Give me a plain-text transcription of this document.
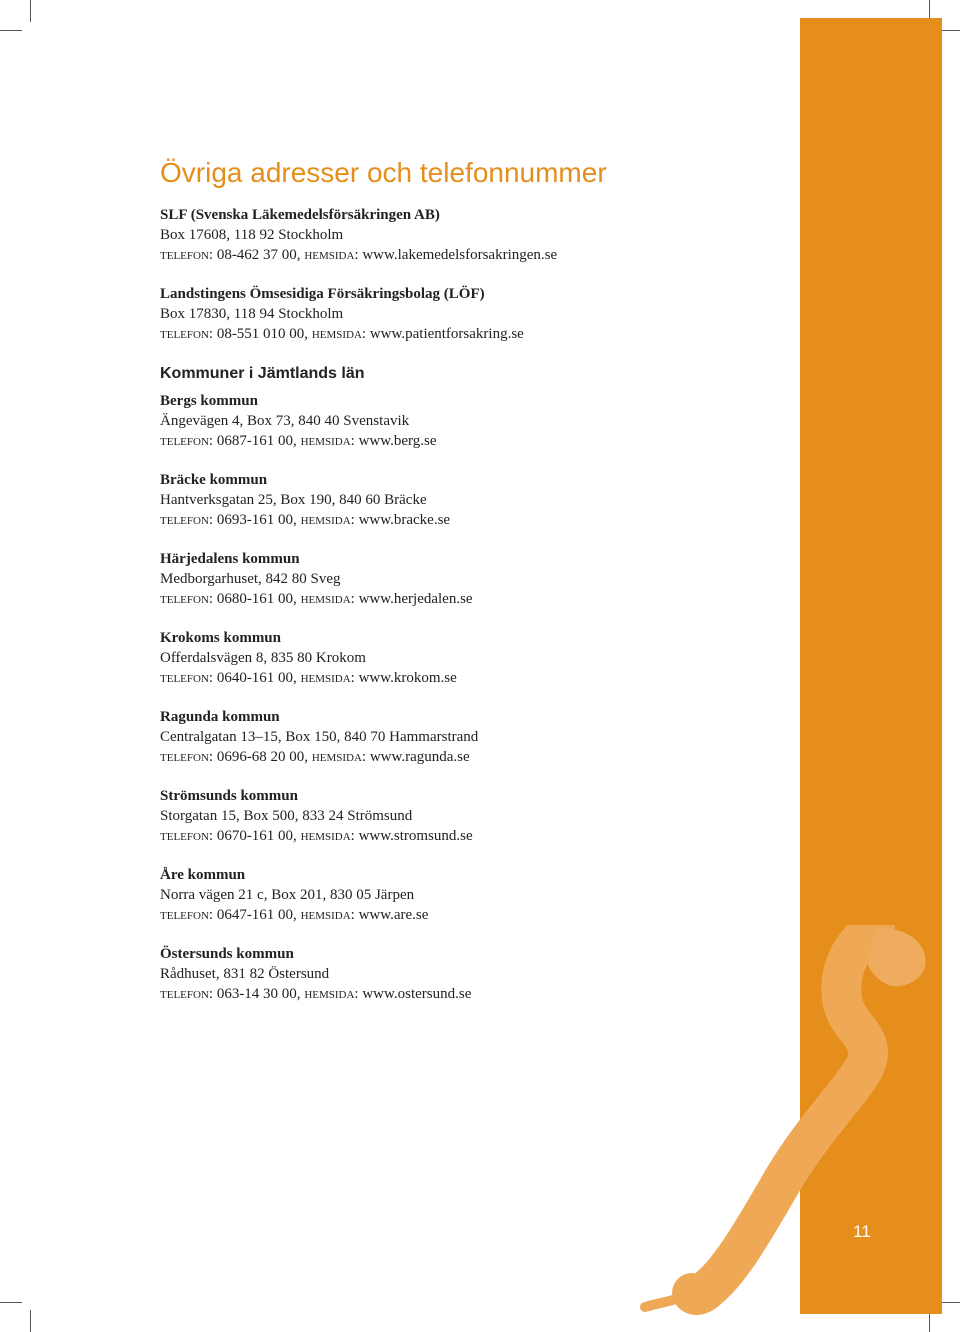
11
Övriga adresser och telefonnummer

SLF (Svenska Läkemedelsförsäkringen AB)

Box 17608, 118 92 Stockholm

telefon: 08-462 37 00, hemsida: www.lakemedelsforsakringen.se

Landstingens Ömsesidiga Försäkringsbolag (LÖF)

Box 17830, 118 94 Stockholm

telefon: 08-551 010 00, hemsida: www.patientforsakring.se

Kommuner i Jämtlands län

Bergs kommun

Ängevägen 4, Box 73, 840 40 Svenstavik

telefon: 0687-161 00, hemsida: www.berg.se

Bräcke kommun

Hantverksgatan 25, Box 190, 840 60 Bräcke

telefon: 0693-161 00, hemsida: www.bracke.se

Härjedalens kommun

Medborgarhuset, 842 80 Sveg

telefon: 0680-161 00, hemsida: www.herjedalen.se

Krokoms kommun

Offerdalsvägen 8, 835 80 Krokom

telefon: 0640-161 00, hemsida: www.krokom.se

Ragunda kommun

Centralgatan 13–15, Box 150, 840 70 Hammarstrand

telefon: 0696-68 20 00, hemsida: www.ragunda.se

Strömsunds kommun

Storgatan 15, Box 500, 833 24 Strömsund

telefon: 0670-161 00, hemsida: www.stromsund.se

Åre kommun

Norra vägen 21 c, Box 201, 830 05 Järpen

telefon: 0647-161 00, hemsida: www.are.se

Östersunds kommun

Rådhuset, 831 82 Östersund

telefon: 063-14 30 00, hemsida: www.ostersund.se
